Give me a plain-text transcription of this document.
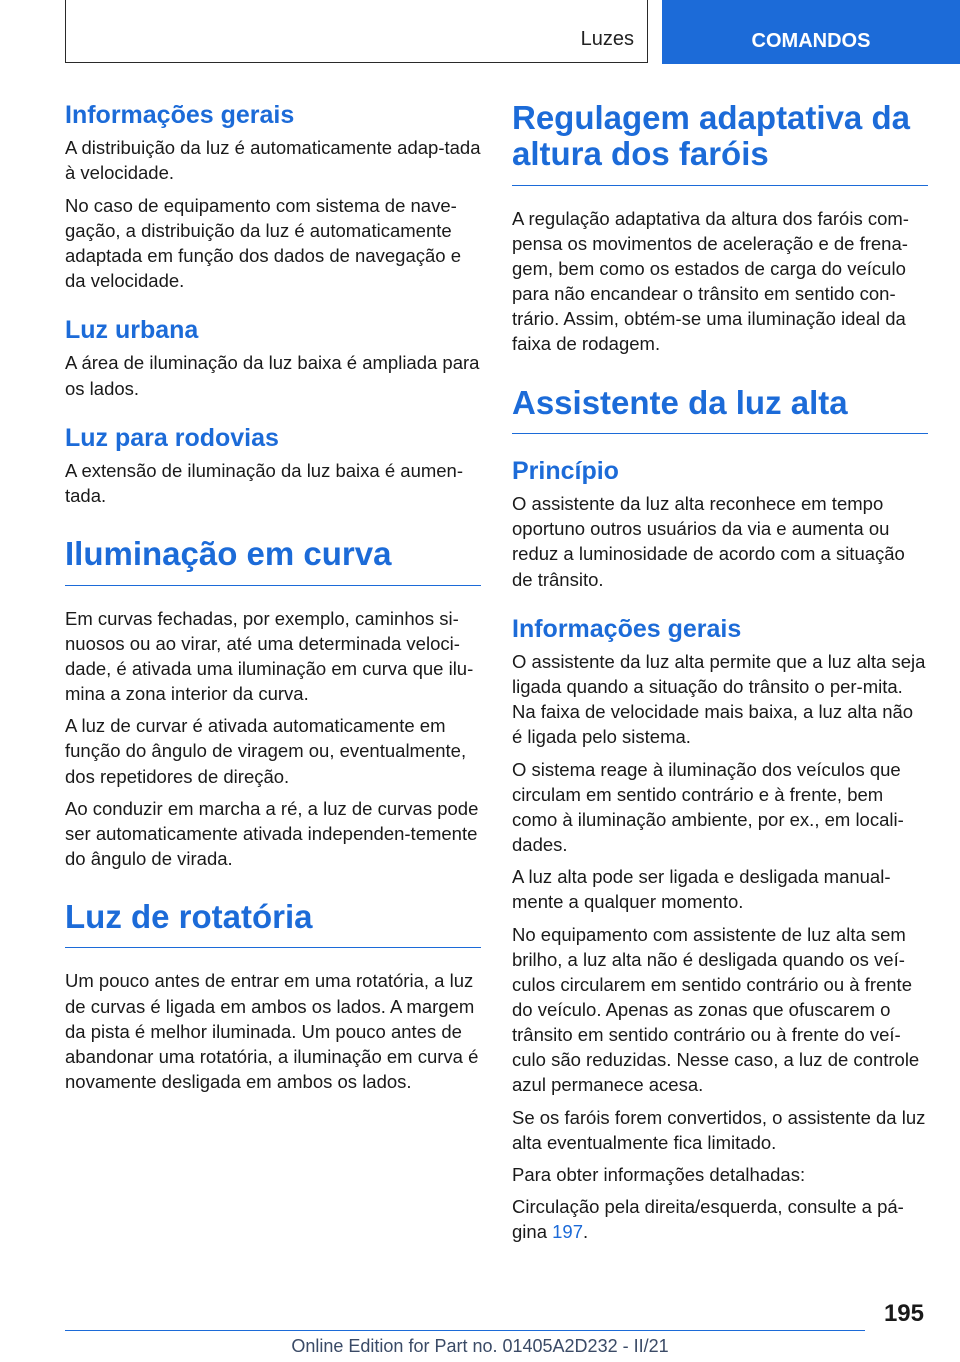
Luzes	COMANDOS
Informações gerais

A distribuição da luz é automaticamente adap-tada à velocidade.

No caso de equipamento com sistema de nave-gação, a distribuição da luz é automaticamente adaptada em função dos dados de navegação e da velocidade.

Luz urbana

A área de iluminação da luz baixa é ampliada para os lados.

Luz para rodovias

A extensão de iluminação da luz baixa é aumen-tada.

Iluminação em curva

Em curvas fechadas, por exemplo, caminhos si-nuosos ou ao virar, até uma determinada veloci-dade, é ativada uma iluminação em curva que ilu-mina a zona interior da curva.

A luz de curvar é ativada automaticamente em função do ângulo de viragem ou, eventualmente, dos repetidores de direção.

Ao conduzir em marcha a ré, a luz de curvas pode ser automaticamente ativada independen-temente do ângulo de virada.

Luz de rotatória

Um pouco antes de entrar em uma rotatória, a luz de curvas é ligada em ambos os lados. A margem da pista é melhor iluminada. Um pouco antes de abandonar uma rotatória, a iluminação em curva é novamente desligada em ambos os lados.

Regulagem adaptativa da altura dos faróis

A regulação adaptativa da altura dos faróis com-pensa os movimentos de aceleração e de frena-gem, bem como os estados de carga do veículo para não encandear o trânsito em sentido con-trário. Assim, obtém-se uma iluminação ideal da faixa de rodagem.

Assistente da luz alta
Princípio

O assistente da luz alta reconhece em tempo oportuno outros usuários da via e aumenta ou reduz a luminosidade de acordo com a situação de trânsito.

Informações gerais

O assistente da luz alta permite que a luz alta seja ligada quando a situação do trânsito o per-mita. Na faixa de velocidade mais baixa, a luz alta não é ligada pelo sistema.

O sistema reage à iluminação dos veículos que circulam em sentido contrário e à frente, bem como à iluminação ambiente, por ex., em locali-dades.

A luz alta pode ser ligada e desligada manual-mente a qualquer momento.

No equipamento com assistente de luz alta sem brilho, a luz alta não é desligada quando os veí-culos circularem em sentido contrário ou à frente do veículo. Apenas as zonas que ofuscarem o trânsito em sentido contrário ou à frente do veí-culo são reduzidas. Nesse caso, a luz de controle azul permanece acesa.

Se os faróis forem convertidos, o assistente da luz alta eventualmente fica limitado.

Para obter informações detalhadas:

Circulação pela direita/esquerda, consulte a pá-gina 197.

195
Online Edition for Part no. 01405A2D232 - II/21
